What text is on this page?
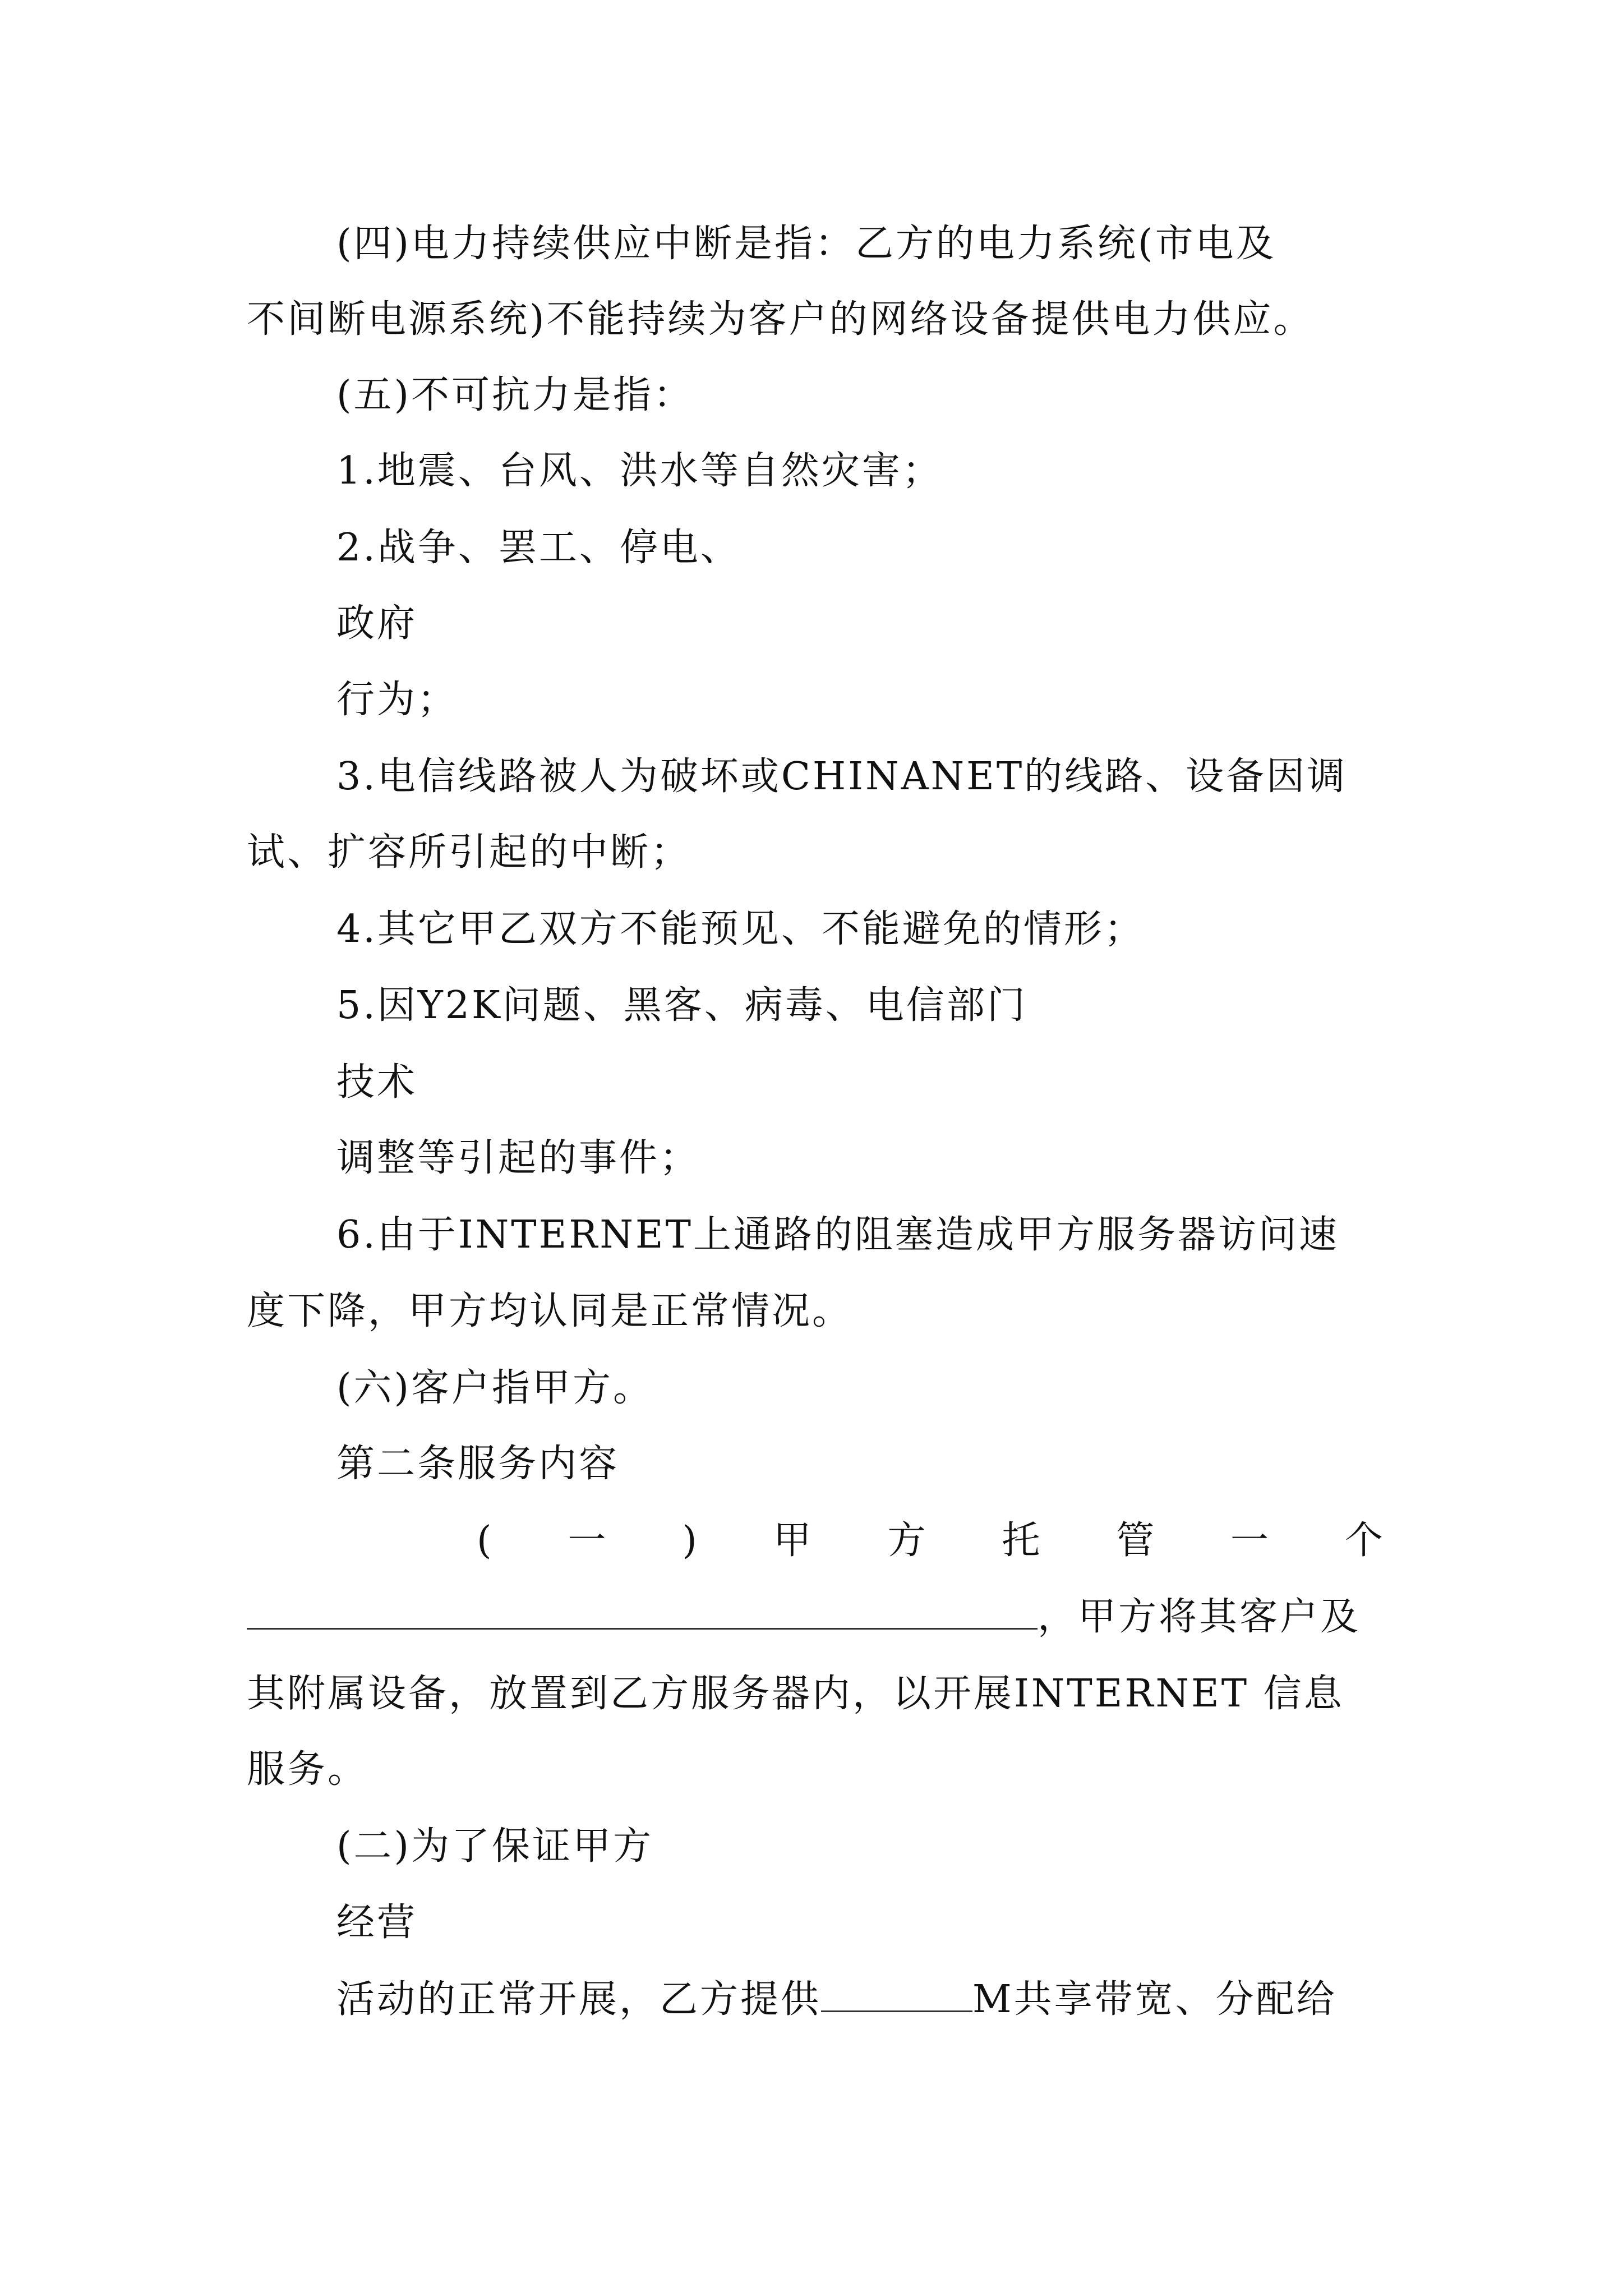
(四)电力持续供应中断是指：乙方的电力系统(市电及
不间断电源系统)不能持续为客户的网络设备提供电力供应。
(五)不可抗力是指：
1.地震、台风、洪水等自然灾害；
2.战争、罢工、停电、
政府
行为；
3.电信线路被人为破坏或CHINANET的线路、设备因调
试、扩容所引起的中断；
4.其它甲乙双方不能预见、不能避免的情形；
5.因Y2K问题、黑客、病毒、电信部门
技术
调整等引起的事件；
6.由于INTERNET上通路的阻塞造成甲方服务器访问速
度下降，甲方均认同是正常情况。
(六)客户指甲方。
第二条服务内容
( 一 ) 甲 方 托 管 一 个
，甲方将其客户及
其附属设备，放置到乙方服务器内，以开展INTERNET 信息
服务。
(二)为了保证甲方
经营
活动的正常开展，乙方提供	M共享带宽、分配给
